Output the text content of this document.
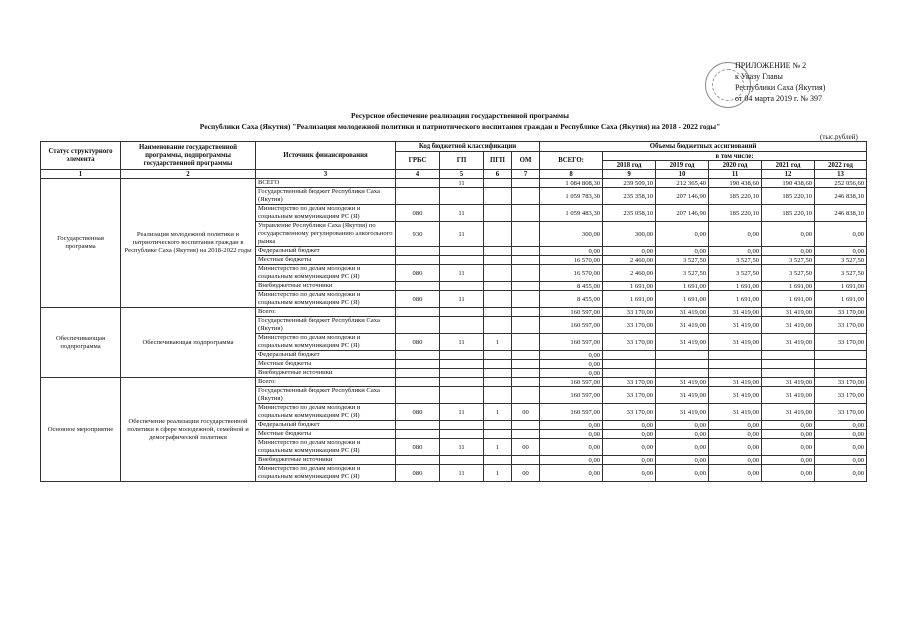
ПРИЛОЖЕНИЕ № 2
к Указу Главы
Республики Саха (Якутия)
от 04 марта 2019 г. № 397
Ресурсное обеспечение реализации государственной программы
Республики Саха (Якутия) "Реализация молодежной политики и патриотического воспитания граждан в Республике Саха (Якутия) на 2018 - 2022 годы"
(тыс.рублей)
Статус структурного элемента	Наименование государственной программы, подпрограммы государственной программы	Источник финансирования	Код бюджетной классификации				Объемы бюджетных ассигнований					
			ГРБС	ГП	ПГП	ОМ	ВСЕГО:	в том числе:				
								2018 год	2019 год	2020 год	2021 год	2022 год
1	2	3	4	5	6	7	8	9	10	11	12	13
Государственная программа	Реализация молодежной политики и патриотического воспитания граждан в Республике Саха (Якутия) на 2018-2022 годы	ВСЕГО		11			1 084 808,30	239 509,10	212 365,40	190 438,60	190 438,60	252 056,60
		Государственный бюджет Республики Саха (Якутия)					1 059 783,30	235 358,10	207 146,90	185 220,10	185 220,10	246 838,10
		Министерство по делам молодежи и социальным коммуникациям РС (Я)	080	11			1 059 483,30	235 058,10	207 146,90	185 220,10	185 220,10	246 838,10
		Управление Республики Саха (Якутия) по государственному регулированию алкогольного рынка	930	11			300,00	300,00	0,00	0,00	0,00	0,00
		Федеральный бюджет					0,00	0,00	0,00	0,00	0,00	0,00
		Местные бюджеты					16 570,00	2 460,00	3 527,50	3 527,50	3 527,50	3 527,50
		Министерство по делам молодежи и социальным коммуникациям РС (Я)	080	11			16 570,00	2 460,00	3 527,50	3 527,50	3 527,50	3 527,50
		Внебюджетные источники					8 455,00	1 691,00	1 691,00	1 691,00	1 691,00	1 691,00
		Министерство по делам молодежи и социальным коммуникациям РС (Я)	080	11			8 455,00	1 691,00	1 691,00	1 691,00	1 691,00	1 691,00
Обеспечивающая подпрограмма	Обеспечивающая подпрограмма	Всего:					160 597,00	33 170,00	31 419,00	31 419,00	31 419,00	33 170,00
		Государственный бюджет Республики Саха (Якутия)					160 597,00	33 170,00	31 419,00	31 419,00	31 419,00	33 170,00
		Министерство по делам молодежи и социальным коммуникациям РС (Я)	080	11	1		160 597,00	33 170,00	31 419,00	31 419,00	31 419,00	33 170,00
		Федеральный бюджет					0,00					
		Местные бюджеты					0,00					
		Внебюджетные источники					0,00					
Основное мероприятие	Обеспечение реализации государственной политики в сфере молодежной, семейной и демографической политики	Всего:					160 597,00	33 170,00	31 419,00	31 419,00	31 419,00	33 170,00
		Государственный бюджет Республики Саха (Якутия)					160 597,00	33 170,00	31 419,00	31 419,00	31 419,00	33 170,00
		Министерство по делам молодежи и социальным коммуникациям РС (Я)	080	11	1	00	160 597,00	33 170,00	31 419,00	31 419,00	31 419,00	33 170,00
		Федеральный бюджет					0,00	0,00	0,00	0,00	0,00	0,00
		Местные бюджеты					0,00	0,00	0,00	0,00	0,00	0,00
		Министерство по делам молодежи и социальным коммуникациям РС (Я)	080	11	1	00	0,00	0,00	0,00	0,00	0,00	0,00
		Внебюджетные источники					0,00	0,00	0,00	0,00	0,00	0,00
		Министерство по делам молодежи и социальным коммуникациям РС (Я)	080	11	1	00	0,00	0,00	0,00	0,00	0,00	0,00
